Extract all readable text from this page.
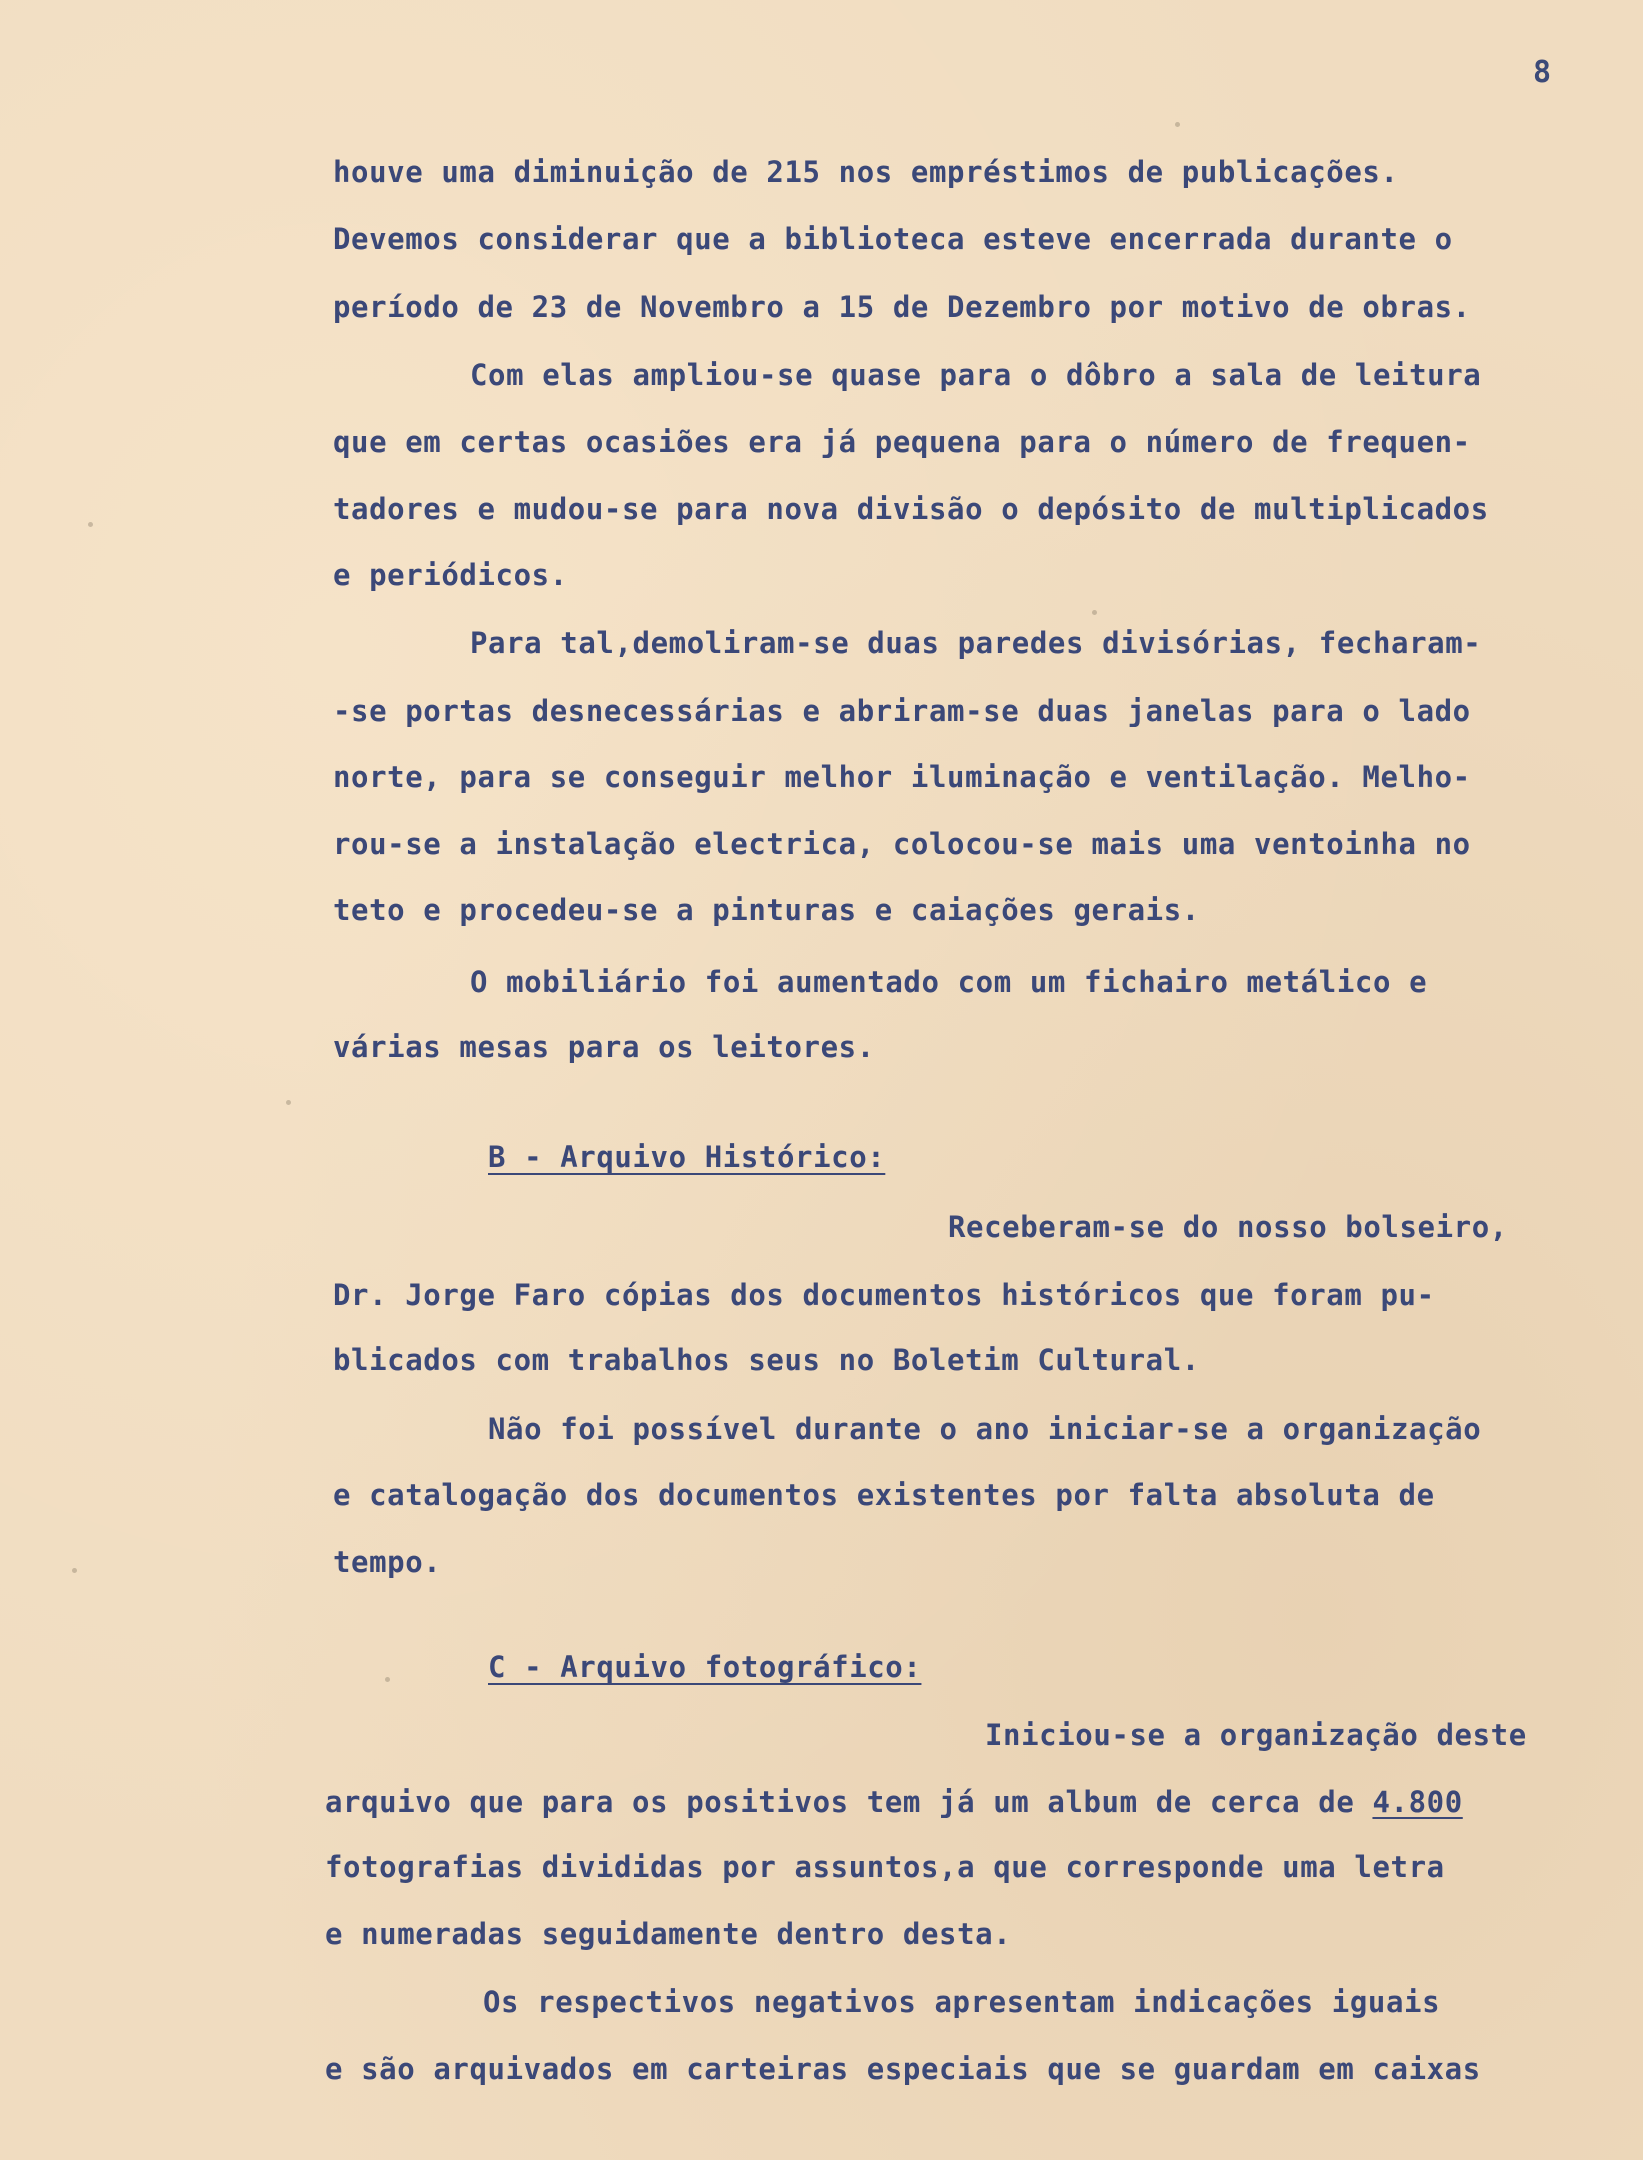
8
houve uma diminuição de 215 nos empréstimos de publicações.
Devemos considerar que a biblioteca esteve encerrada durante o
período de 23 de Novembro a 15 de Dezembro por motivo de obras.
Com elas ampliou-se quase para o dôbro a sala de leitura
que em certas ocasiões era já pequena para o número de frequen-
tadores e mudou-se para nova divisão o depósito de multiplicados
e periódicos.
Para tal,demoliram-se duas paredes divisórias, fecharam-
-se portas desnecessárias e abriram-se duas janelas para o lado
norte, para se conseguir melhor iluminação e ventilação. Melho-
rou-se a instalação electrica, colocou-se mais uma ventoinha no
teto e procedeu-se a pinturas e caiações gerais.
O mobiliário foi aumentado com um fichairo metálico e
várias mesas para os leitores.
B - Arquivo Histórico:
Receberam-se do nosso bolseiro,
Dr. Jorge Faro cópias dos documentos históricos que foram pu-
blicados com trabalhos seus no Boletim Cultural.
Não foi possível durante o ano iniciar-se a organização
e catalogação dos documentos existentes por falta absoluta de
tempo.
C - Arquivo fotográfico:
Iniciou-se a organização deste
arquivo que para os positivos tem já um album de cerca de 4.800
fotografias divididas por assuntos,a que corresponde uma letra
e numeradas seguidamente dentro desta.
Os respectivos negativos apresentam indicações iguais
e são arquivados em carteiras especiais que se guardam em caixas
